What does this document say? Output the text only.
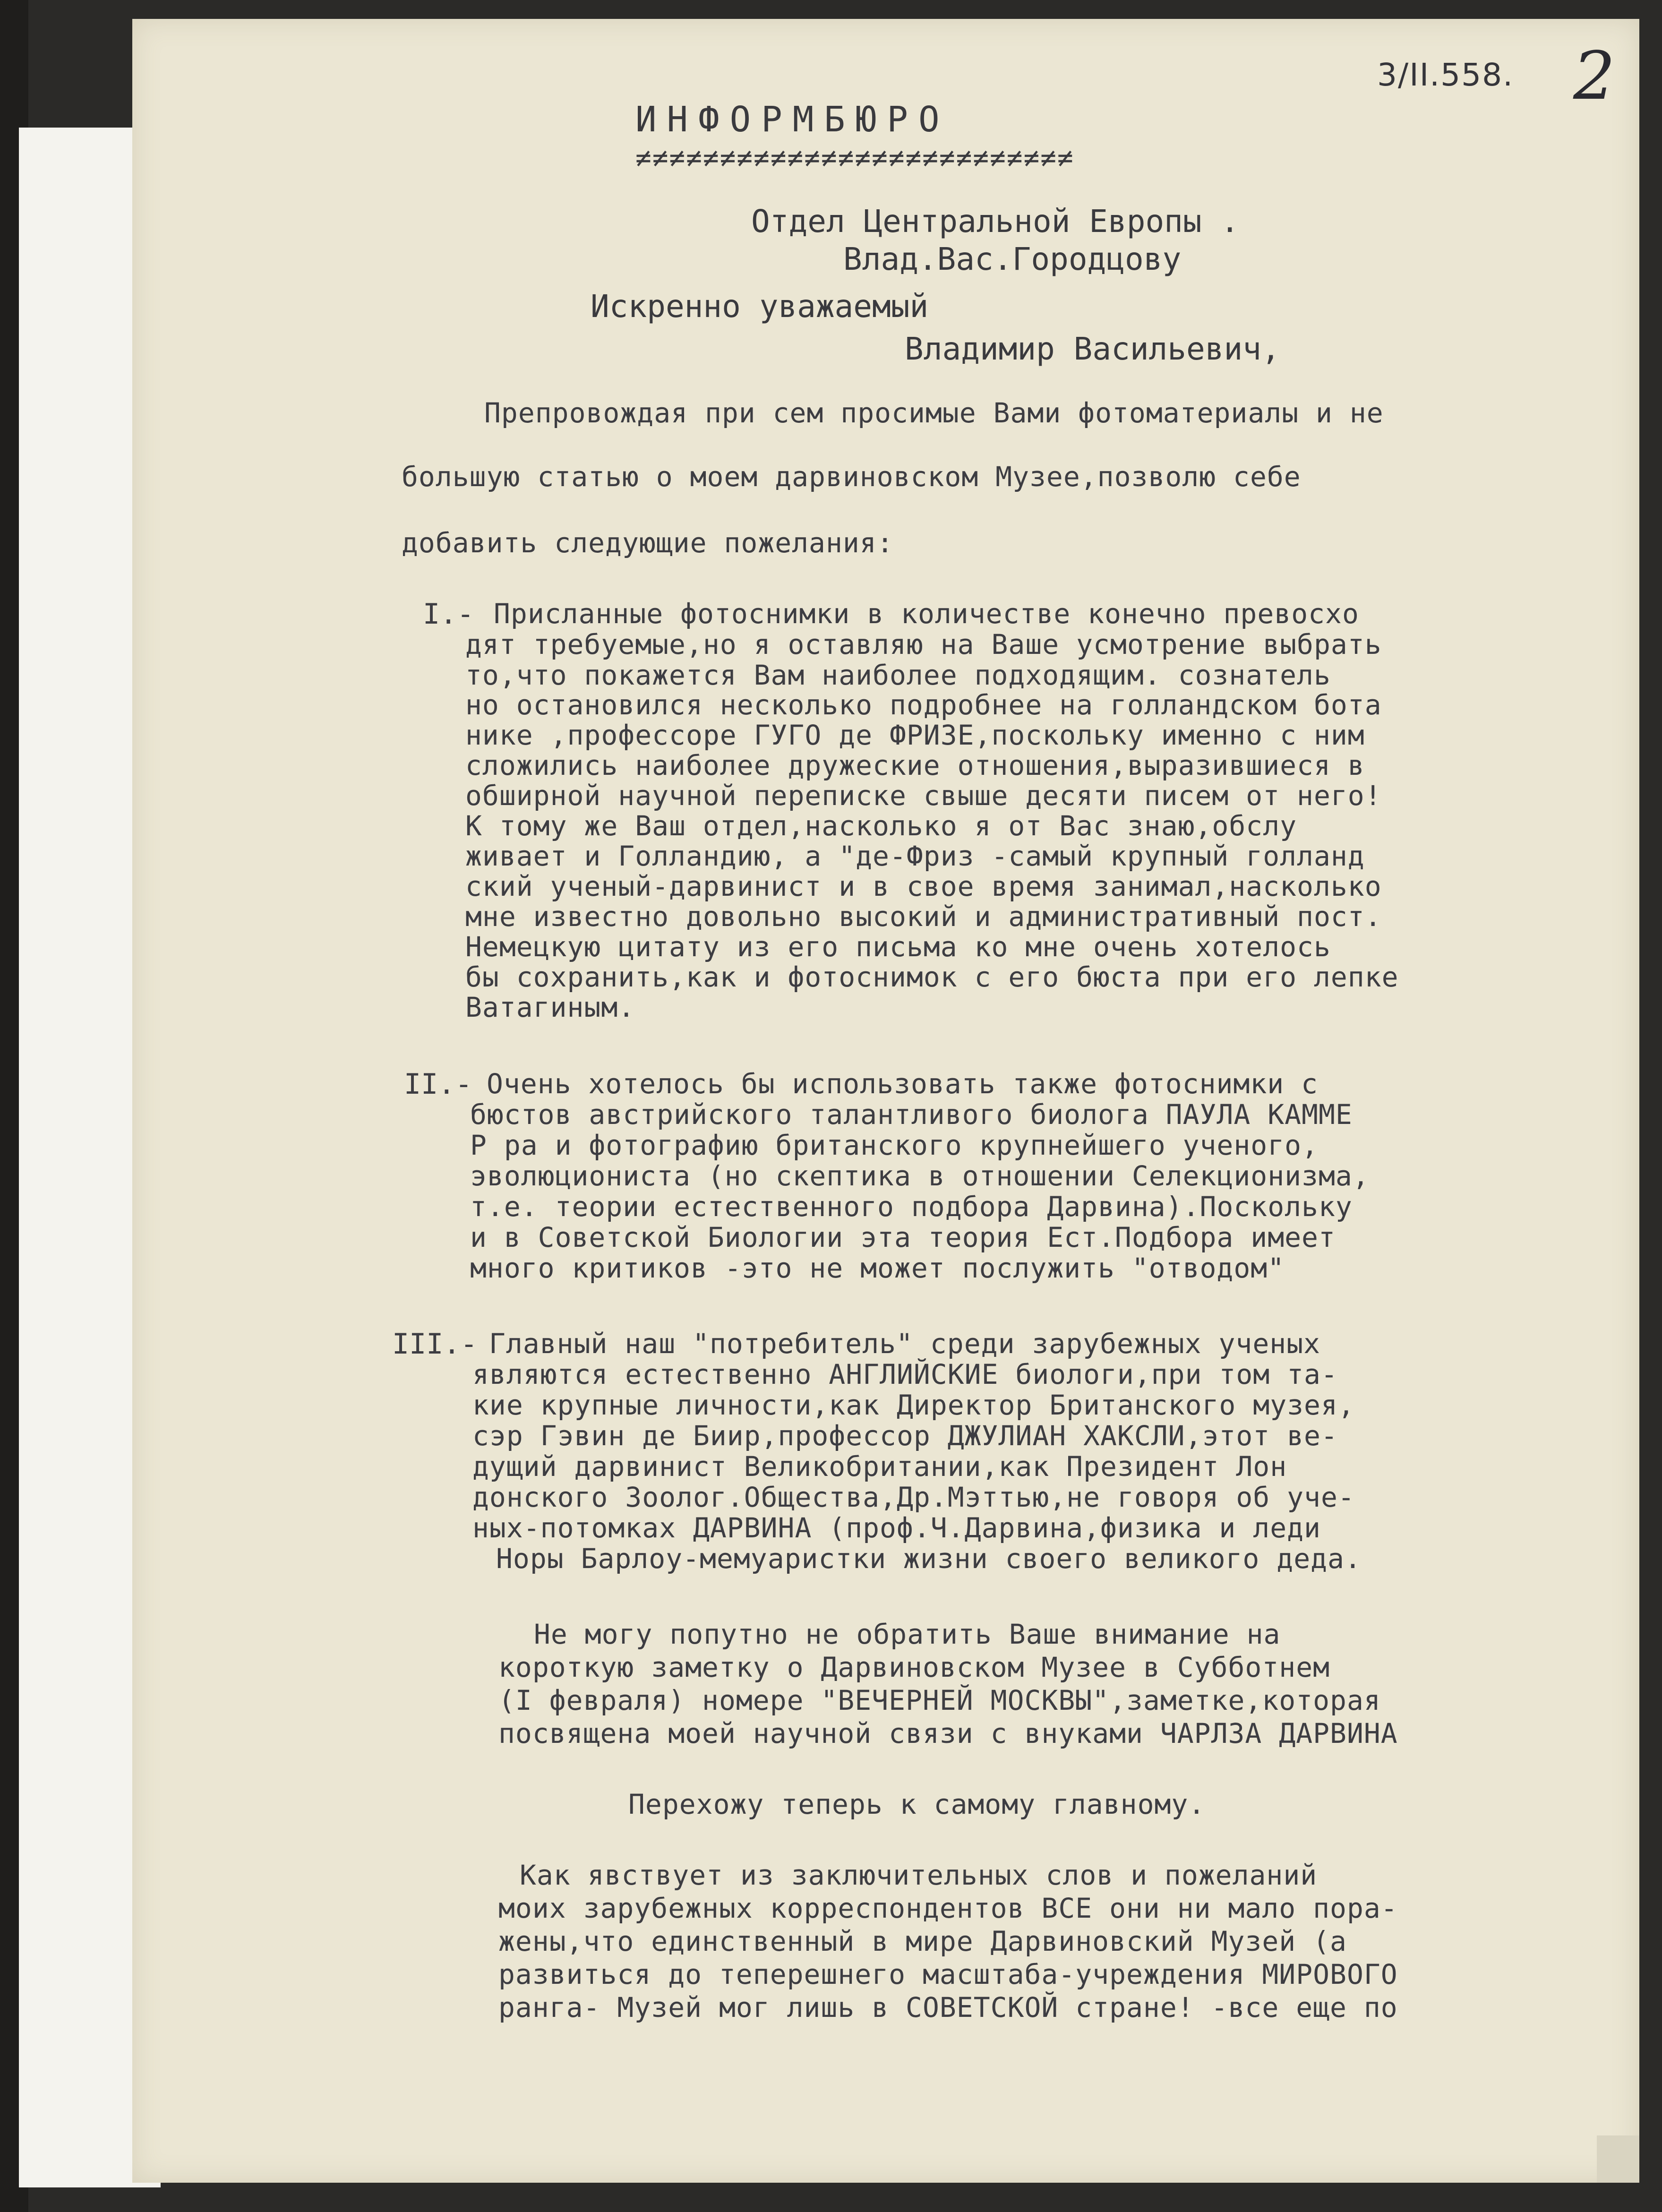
3/II.558. 2
ИНФОРМБЮРО
≠≠≠≠≠≠≠≠≠≠≠≠≠≠≠≠≠≠≠≠≠≠≠≠≠≠
Отдел Центральной Европы .
Влад.Вас.Городцову
Искренно уважаемый
Владимир Васильевич,
Препровождая при сем просимые Вами фотоматериалы и не
большую статью о моем дарвиновском Музее,позволю себе
добавить следующие пожелания:
I.- Присланные фотоснимки в количестве конечно превосхо
дят требуемые,но я оставляю на Ваше усмотрение выбрать
то,что покажется Вам наиболее подходящим. сознатель
но остановился несколько подробнее на голландском бота
нике ,профессоре ГУГО де ФРИЗЕ,поскольку именно с ним
сложились наиболее дружеские отношения,выразившиеся в
обширной научной переписке свыше десяти писем от него!
К тому же Ваш отдел,насколько я от Вас знаю,обслу
живает и Голландию, а "де-Фриз -самый крупный голланд
ский ученый-дарвинист и в свое время занимал,насколько
мне известно довольно высокий и административный пост.
Немецкую цитату из его письма ко мне очень хотелось
бы сохранить,как и фотоснимок с его бюста при его лепке
Ватагиным.
II.- Очень хотелось бы использовать также фотоснимки с
бюстов австрийского талантливого биолога ПАУЛА КАММЕ
Р ра и фотографию британского крупнейшего ученого,
эволюциониста (но скептика в отношении Селекционизма,
т.е. теории естественного подбора Дарвина).Поскольку
и в Советской Биологии эта теория Ест.Подбора имеет
много критиков -это не может послужить "отводом"
III.- Главный наш "потребитель" среди зарубежных ученых
являются естественно АНГЛИЙСКИЕ биологи,при том та-
кие крупные личности,как Директор Британского музея,
сэр Гэвин де Биир,профессор ДЖУЛИАН ХАКСЛИ,этот ве-
дущий дарвинист Великобритании,как Президент Лон
донского Зоолог.Общества,Др.Мэттью,не говоря об уче-
ных-потомках ДАРВИНА (проф.Ч.Дарвина,физика и леди
Норы Барлоу-мемуаристки жизни своего великого деда.
Не могу попутно не обратить Ваше внимание на
короткую заметку о Дарвиновском Музее в Субботнем
(I февраля) номере "ВЕЧЕРНЕЙ МОСКВЫ",заметке,которая
посвящена моей научной связи с внуками ЧАРЛЗА ДАРВИНА
Перехожу теперь к самому главному.
Как явствует из заключительных слов и пожеланий
моих зарубежных корреспондентов ВСЕ они ни мало пора-
жены,что единственный в мире Дарвиновский Музей (а
развиться до теперешнего масштаба-учреждения МИРОВОГО
ранга- Музей мог лишь в СОВЕТСКОЙ стране! -все еще по
